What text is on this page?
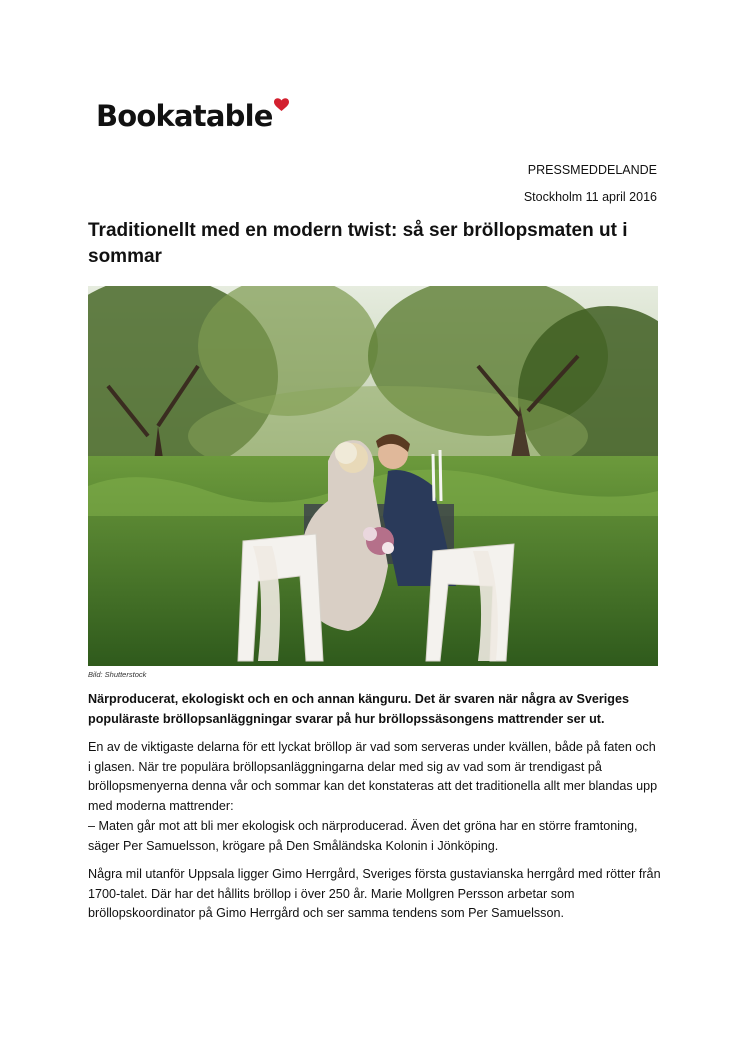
Bookatable
PRESSMEDDELANDE
Stockholm 11 april 2016
Traditionellt med en modern twist: så ser bröllopsmaten ut i sommar
Bild: Shutterstock

Närproducerat, ekologiskt och en och annan känguru. Det är svaren när några av Sveriges populäraste bröllopsanläggningar svarar på hur bröllopssäsongens mattrender ser ut.

En av de viktigaste delarna för ett lyckat bröllop är vad som serveras under kvällen, både på faten och i glasen. När tre populära bröllopsanläggningarna delar med sig av vad som är trendigast på bröllopsmenyerna denna vår och sommar kan det konstateras att det traditionella allt mer blandas upp med moderna mattrender:

– Maten går mot att bli mer ekologisk och närproducerad. Även det gröna har en större framtoning, säger Per Samuelsson, krögare på Den Småländska Kolonin i Jönköping.

Några mil utanför Uppsala ligger Gimo Herrgård, Sveriges första gustavianska herrgård med rötter från 1700-talet. Där har det hållits bröllop i över 250 år. Marie Mollgren Persson arbetar som bröllopskoordinator på Gimo Herrgård och ser samma tendens som Per Samuelsson.
